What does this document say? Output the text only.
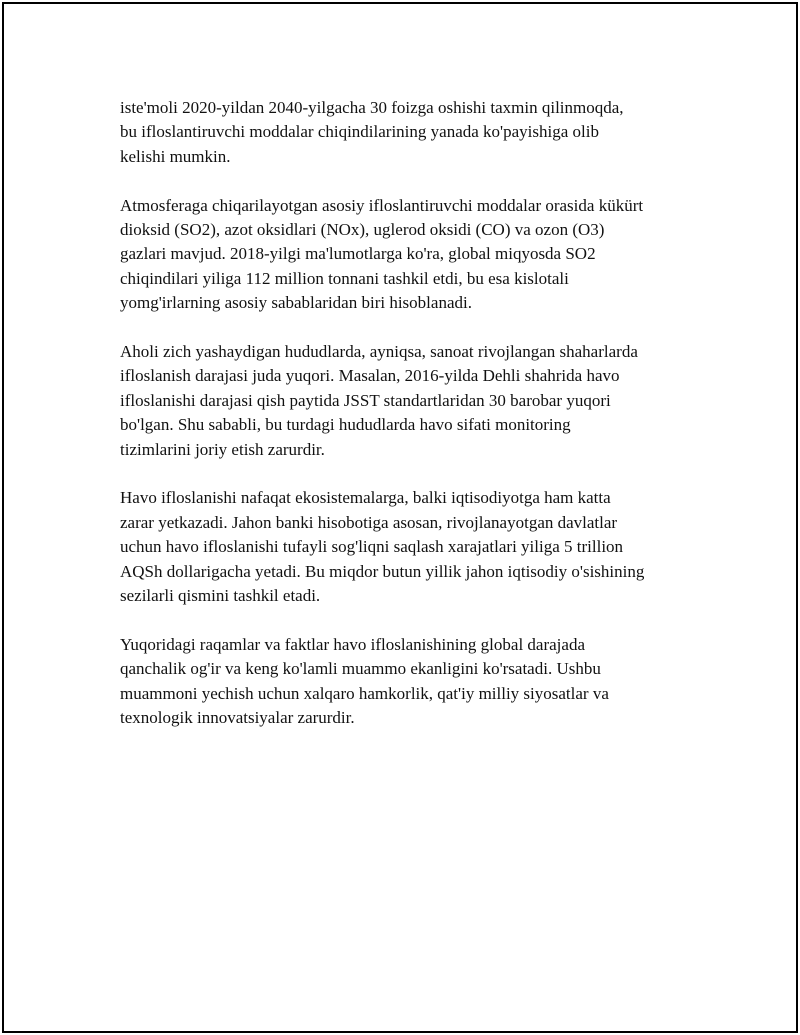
iste'moli 2020-yildan 2040-yilgacha 30 foizga oshishi taxmin qilinmoqda,
bu ifloslantiruvchi moddalar chiqindilarining yanada ko'payishiga olib
kelishi mumkin.

Atmosferaga chiqarilayotgan asosiy ifloslantiruvchi moddalar orasida kükürt
dioksid (SO2), azot oksidlari (NOx), uglerod oksidi (CO) va ozon (O3)
gazlari mavjud. 2018-yilgi ma'lumotlarga ko'ra, global miqyosda SO2
chiqindilari yiliga 112 million tonnani tashkil etdi, bu esa kislotali
yomg'irlarning asosiy sabablaridan biri hisoblanadi.

Aholi zich yashaydigan hududlarda, ayniqsa, sanoat rivojlangan shaharlarda
ifloslanish darajasi juda yuqori. Masalan, 2016-yilda Dehli shahrida havo
ifloslanishi darajasi qish paytida JSST standartlaridan 30 barobar yuqori
bo'lgan. Shu sababli, bu turdagi hududlarda havo sifati monitoring
tizimlarini joriy etish zarurdir.

Havo ifloslanishi nafaqat ekosistemalarga, balki iqtisodiyotga ham katta
zarar yetkazadi. Jahon banki hisobotiga asosan, rivojlanayotgan davlatlar
uchun havo ifloslanishi tufayli sog'liqni saqlash xarajatlari yiliga 5 trillion
AQSh dollarigacha yetadi. Bu miqdor butun yillik jahon iqtisodiy o'sishining
sezilarli qismini tashkil etadi.

Yuqoridagi raqamlar va faktlar havo ifloslanishining global darajada
qanchalik og'ir va keng ko'lamli muammo ekanligini ko'rsatadi. Ushbu
muammoni yechish uchun xalqaro hamkorlik, qat'iy milliy siyosatlar va
texnologik innovatsiyalar zarurdir.
